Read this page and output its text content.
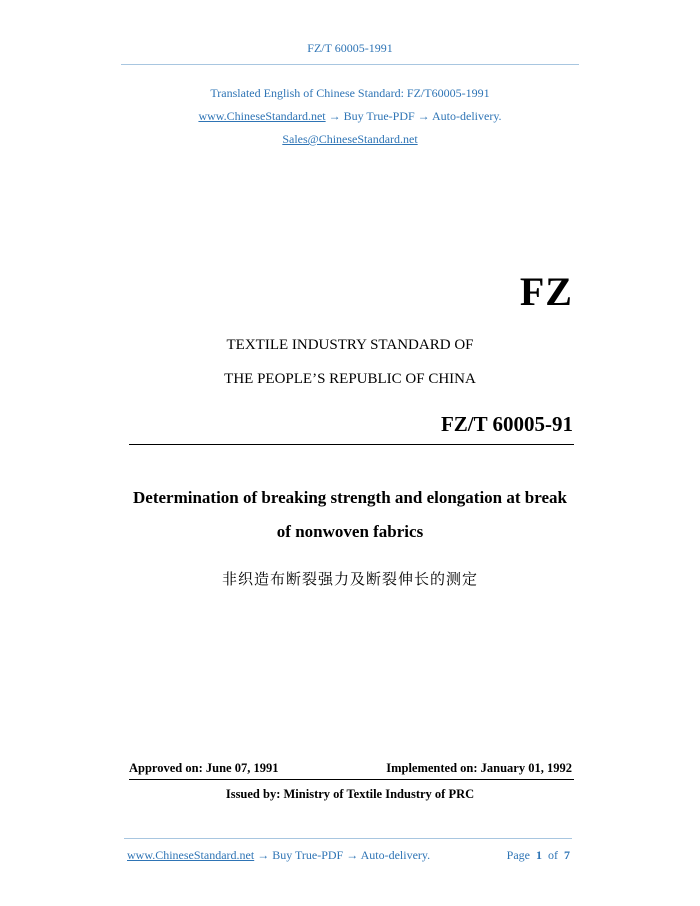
FZ/T 60005-1991
Translated English of Chinese Standard: FZ/T60005-1991
www.ChineseStandard.net → Buy True-PDF → Auto-delivery.
Sales@ChineseStandard.net
FZ
TEXTILE INDUSTRY STANDARD OF
THE PEOPLE’S REPUBLIC OF CHINA
FZ/T 60005-91
Determination of breaking strength and elongation at break
of nonwoven fabrics
非织造布断裂强力及断裂伸长的测定
Approved on: June 07, 1991	Implemented on: January 01, 1992
Issued by: Ministry of Textile Industry of PRC
www.ChineseStandard.net → Buy True-PDF → Auto-delivery.	Page 1 of 7
